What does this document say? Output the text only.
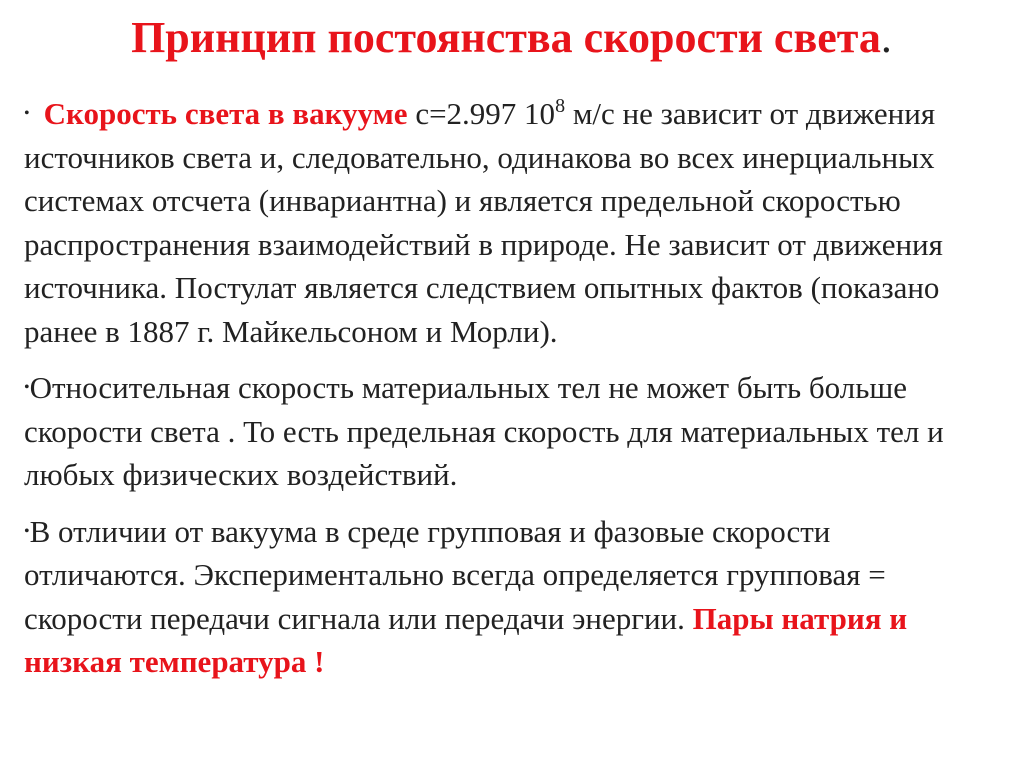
Принцип постоянства скорости света.

• Скорость света в вакууме с=2.997 $10^8$ м/с не зависит от движения источников света и, следовательно, одинакова во всех инерциальных системах отсчета (инвариантна) и является предельной скоростью распространения взаимодействий в природе. Не зависит от движения источника. Постулат является следствием опытных фактов (показано ранее в 1887 г. Майкельсоном и Морли).

•Относительная скорость материальных тел не может быть больше скорости света . То есть предельная скорость для материальных тел и любых физических воздействий.

•В отличии от вакуума в среде групповая и фазовые скорости отличаются. Экспериментально всегда определяется групповая = скорости передачи сигнала или передачи энергии. Пары натрия и низкая температура !
